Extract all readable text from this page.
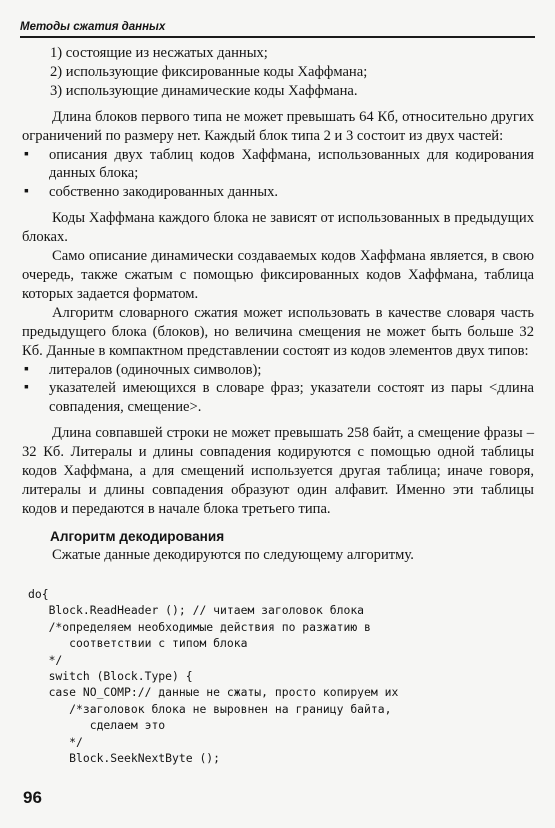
Методы сжатия данных
1) состоящие из несжатых данных;
2) использующие фиксированные коды Хаффмана;
3) использующие динамические коды Хаффмана.

Длина блоков первого типа не может превышать 64 Кб, относительно других ограничений по размеру нет. Каждый блок типа 2 и 3 состоит из двух частей:

▪ описания двух таблиц кодов Хаффмана, использованных для кодирования данных блока;
▪ собственно закодированных данных.

Коды Хаффмана каждого блока не зависят от использованных в предыдущих блоках.

Само описание динамически создаваемых кодов Хаффмана является, в свою очередь, также сжатым с помощью фиксированных кодов Хаффмана, таблица которых задается форматом.

Алгоритм словарного сжатия может использовать в качестве словаря часть предыдущего блока (блоков), но величина смещения не может быть больше 32 Кб. Данные в компактном представлении состоят из кодов элементов двух типов:

▪ литералов (одиночных символов);
▪ указателей имеющихся в словаре фраз; указатели состоят из пары <длина совпадения, смещение>.

Длина совпавшей строки не может превышать 258 байт, а смещение фразы – 32 Кб. Литералы и длины совпадения кодируются с помощью одной таблицы кодов Хаффмана, а для смещений используется другая таблица; иначе говоря, литералы и длины совпадения образуют один алфавит. Именно эти таблицы кодов и передаются в начале блока третьего типа.

Алгоритм декодирования

Сжатые данные декодируются по следующему алгоритму.

do{
Block.ReadHeader (); // читаем заголовок блока
/*определяем необходимые действия по разжатию в
соответствии с типом блока
*/
switch (Block.Type) {
case NO_COMP:// данные не сжаты, просто копируем их
/*заголовок блока не выровнен на границу байта,
сделаем это
*/
Block.SeekNextByte ();
96
